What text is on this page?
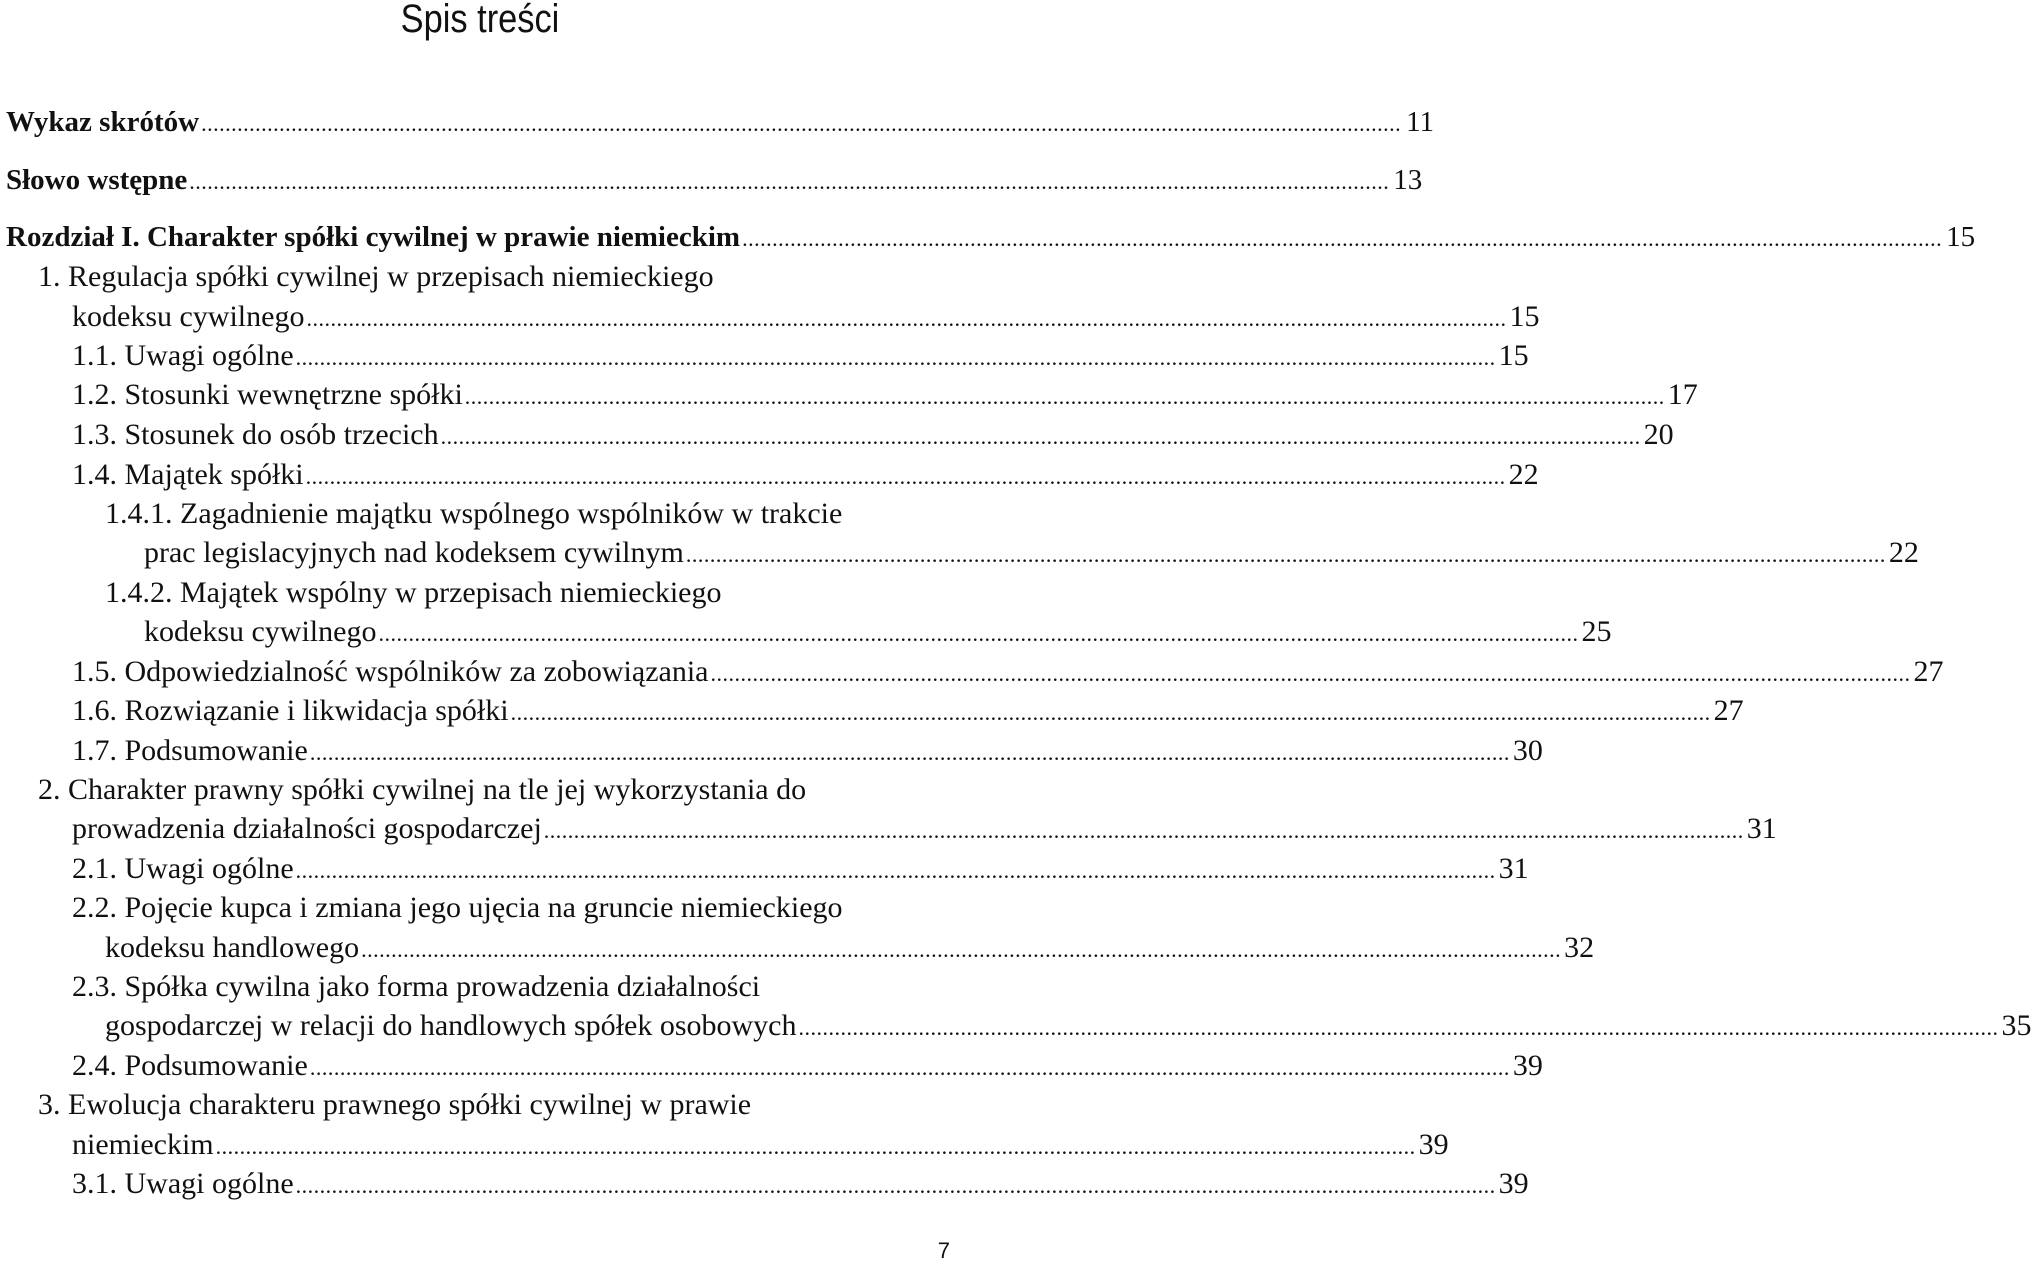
Spis treści
Wykaz skrótów ........................................................................................................................................................................................................ 11
Słowo wstępne ........................................................................................................................................................................................................ 13
Rozdział I. Charakter spółki cywilnej w prawie niemieckim ........................................................................................................................................................................................................ 15
1. Regulacja spółki cywilnej w przepisach niemieckiego
kodeksu cywilnego ........................................................................................................................................................................................................ 15
1.1. Uwagi ogólne ........................................................................................................................................................................................................ 15
1.2. Stosunki wewnętrzne spółki ........................................................................................................................................................................................................ 17
1.3. Stosunek do osób trzecich ........................................................................................................................................................................................................ 20
1.4. Majątek spółki ........................................................................................................................................................................................................ 22
1.4.1. Zagadnienie majątku wspólnego wspólników w trakcie
prac legislacyjnych nad kodeksem cywilnym ........................................................................................................................................................................................................ 22
1.4.2. Majątek wspólny w przepisach niemieckiego
kodeksu cywilnego ........................................................................................................................................................................................................ 25
1.5. Odpowiedzialność wspólników za zobowiązania ........................................................................................................................................................................................................ 27
1.6. Rozwiązanie i likwidacja spółki ........................................................................................................................................................................................................ 27
1.7. Podsumowanie ........................................................................................................................................................................................................ 30
2. Charakter prawny spółki cywilnej na tle jej wykorzystania do
prowadzenia działalności gospodarczej ........................................................................................................................................................................................................ 31
2.1. Uwagi ogólne ........................................................................................................................................................................................................ 31
2.2. Pojęcie kupca i zmiana jego ujęcia na gruncie niemieckiego
kodeksu handlowego ........................................................................................................................................................................................................ 32
2.3. Spółka cywilna jako forma prowadzenia działalności
gospodarczej w relacji do handlowych spółek osobowych ........................................................................................................................................................................................................ 35
2.4. Podsumowanie ........................................................................................................................................................................................................ 39
3. Ewolucja charakteru prawnego spółki cywilnej w prawie
niemieckim ........................................................................................................................................................................................................ 39
3.1. Uwagi ogólne ........................................................................................................................................................................................................ 39
7
